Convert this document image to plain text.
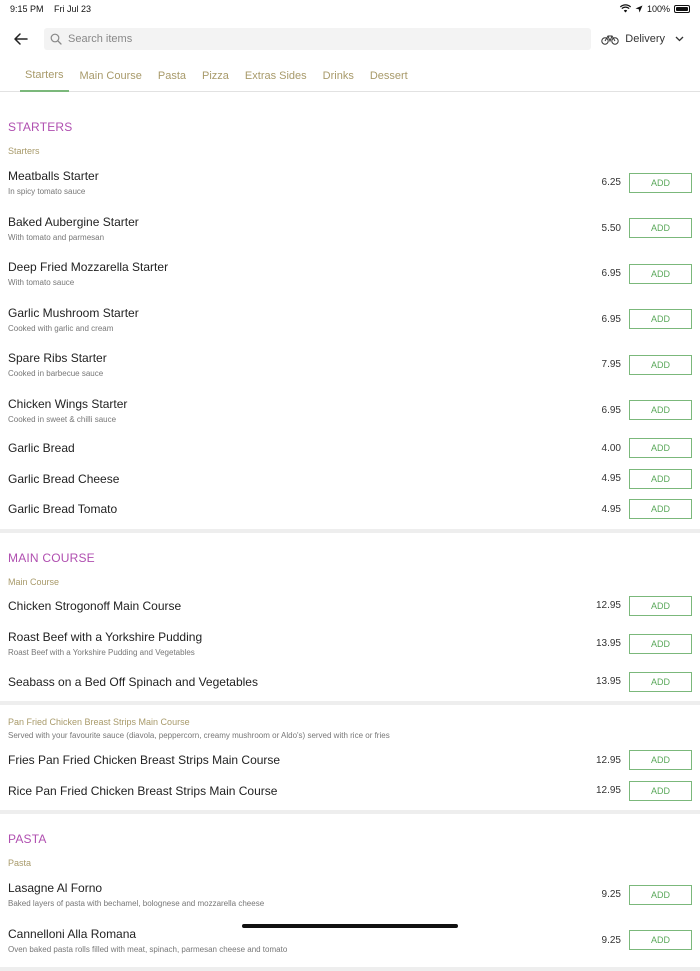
9:15 PM Fri Jul 23	100%
Search items
Delivery
Starters	Main Course	Pasta	Pizza	Extras Sides	Drinks	Dessert
STARTERS
Starters
Meatballs Starter
In spicy tomato sauce
6.25	ADD
Baked Aubergine Starter
With tomato and parmesan
5.50	ADD
Deep Fried Mozzarella Starter
With tomato sauce
6.95	ADD
Garlic Mushroom Starter
Cooked with garlic and cream
6.95	ADD
Spare Ribs Starter
Cooked in barbecue sauce
7.95	ADD
Chicken Wings Starter
Cooked in sweet & chilli sauce
6.95	ADD
Garlic Bread	4.00	ADD
Garlic Bread Cheese	4.95	ADD
Garlic Bread Tomato	4.95	ADD
MAIN COURSE
Main Course
Chicken Strogonoff Main Course	12.95	ADD
Roast Beef with a Yorkshire Pudding
Roast Beef with a Yorkshire Pudding and Vegetables
13.95	ADD
Seabass on a Bed Off Spinach and Vegetables	13.95	ADD
Pan Fried Chicken Breast Strips Main Course
Served with your favourite sauce (diavola, peppercorn, creamy mushroom or Aldo's) served with rice or fries
Fries Pan Fried Chicken Breast Strips Main Course	12.95	ADD
Rice Pan Fried Chicken Breast Strips Main Course	12.95	ADD
PASTA
Pasta
Lasagne Al Forno
Baked layers of pasta with bechamel, bolognese and mozzarella cheese
9.25	ADD
Cannelloni Alla Romana
Oven baked pasta rolls filled with meat, spinach, parmesan cheese and tomato
9.25	ADD
